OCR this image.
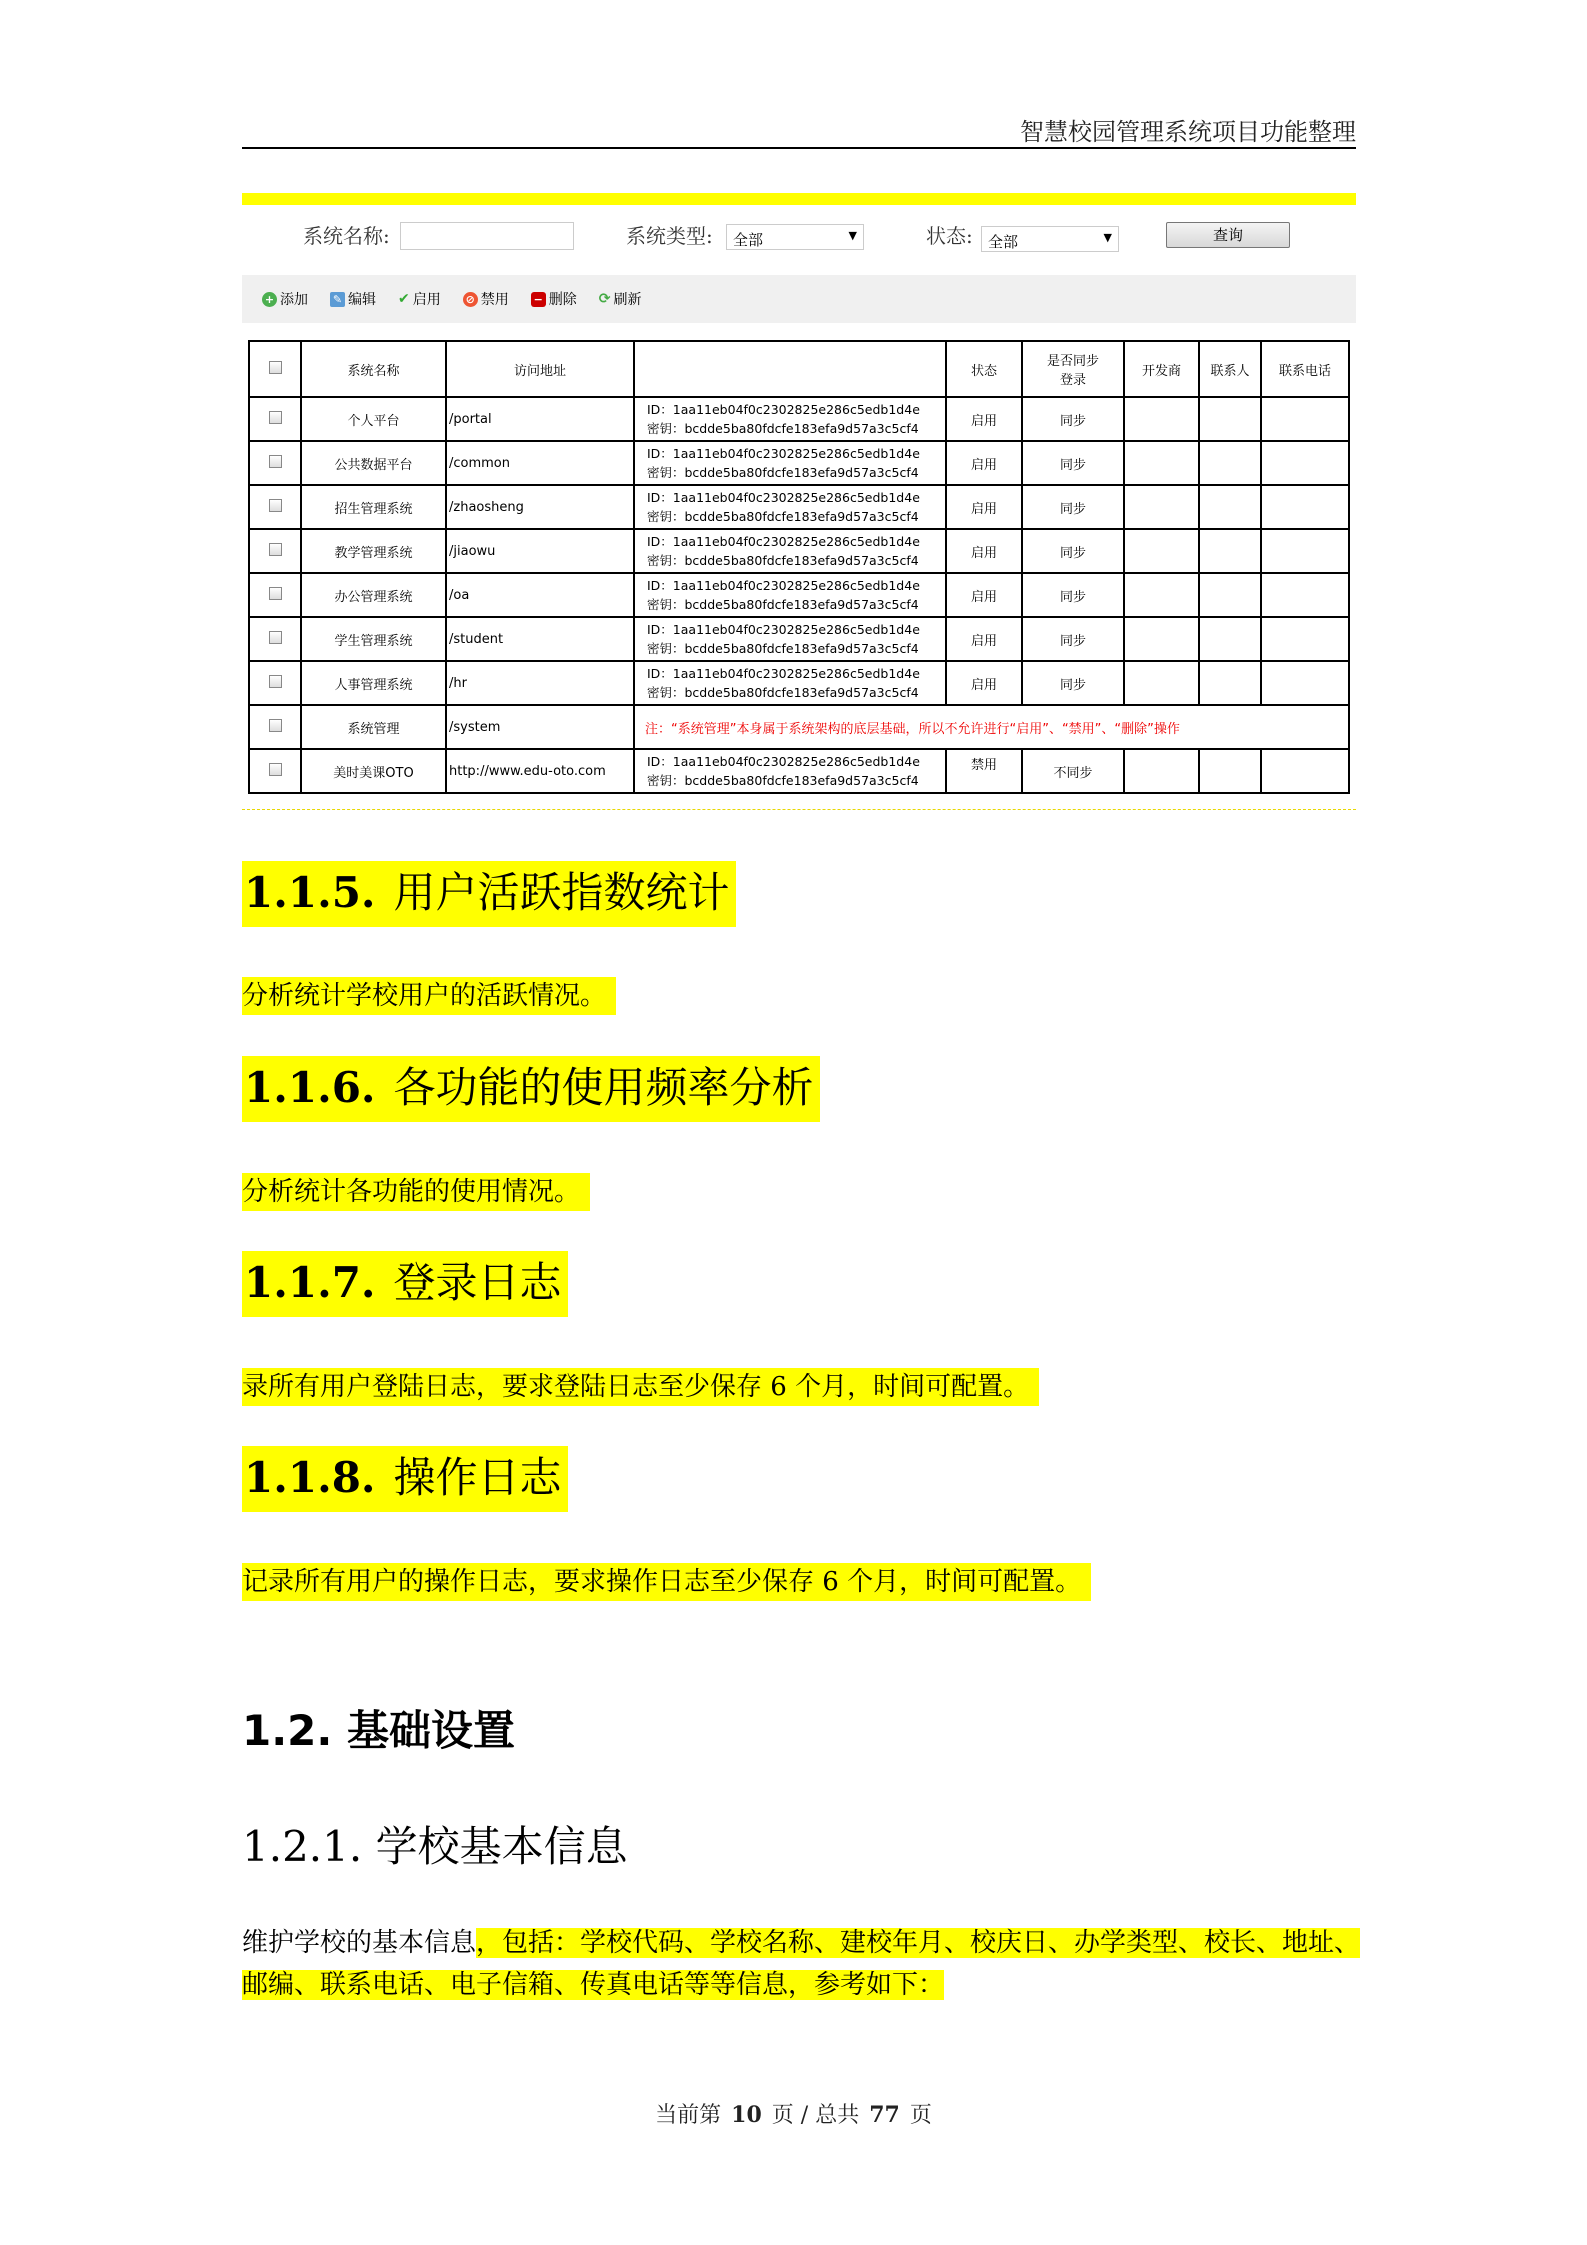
智慧校园管理系统项目功能整理
系统名称:	系统类型:	全部	▼	状态:	全部	▼	查询
+ 添加 ✎ 编辑 ✔ 启用 ⊘ 禁用 − 删除 ⟳ 刷新
	系统名称	访问地址		状态	是否同步登录	开发商	联系人	联系电话
	个人平台	/portal	ID：1aa11eb04f0c2302825e286c5edb1d4e
密钥：bcdde5ba80fdcfe183efa9d57a3c5cf4	启用	同步			
	公共数据平台	/common	ID：1aa11eb04f0c2302825e286c5edb1d4e
密钥：bcdde5ba80fdcfe183efa9d57a3c5cf4	启用	同步			
	招生管理系统	/zhaosheng	ID：1aa11eb04f0c2302825e286c5edb1d4e
密钥：bcdde5ba80fdcfe183efa9d57a3c5cf4	启用	同步			
	教学管理系统	/jiaowu	ID：1aa11eb04f0c2302825e286c5edb1d4e
密钥：bcdde5ba80fdcfe183efa9d57a3c5cf4	启用	同步			
	办公管理系统	/oa	ID：1aa11eb04f0c2302825e286c5edb1d4e
密钥：bcdde5ba80fdcfe183efa9d57a3c5cf4	启用	同步			
	学生管理系统	/student	ID：1aa11eb04f0c2302825e286c5edb1d4e
密钥：bcdde5ba80fdcfe183efa9d57a3c5cf4	启用	同步			
	人事管理系统	/hr	ID：1aa11eb04f0c2302825e286c5edb1d4e
密钥：bcdde5ba80fdcfe183efa9d57a3c5cf4	启用	同步			
	系统管理	/system	注：“系统管理”本身属于系统架构的底层基础，所以不允许进行“启用”、“禁用”、“删除”操作					
	美时美课OTO	http://www.edu-oto.com	ID：1aa11eb04f0c2302825e286c5edb1d4e
密钥：bcdde5ba80fdcfe183efa9d57a3c5cf4	禁用	不同步			
1.1.5. 用户活跃指数统计
分析统计学校用户的活跃情况。
1.1.6. 各功能的使用频率分析
分析统计各功能的使用情况。
1.1.7. 登录日志
录所有用户登陆日志，要求登陆日志至少保存 6 个月，时间可配置。
1.1.8. 操作日志
记录所有用户的操作日志，要求操作日志至少保存 6 个月，时间可配置。
1.2. 基础设置
1.2.1. 学校基本信息
维护学校的基本信息，包括：学校代码、学校名称、建校年月、校庆日、办学类型、校长、地址、邮编、联系电话、电子信箱、传真电话等等信息，参考如下：
当前第 10 页 / 总共 77 页
